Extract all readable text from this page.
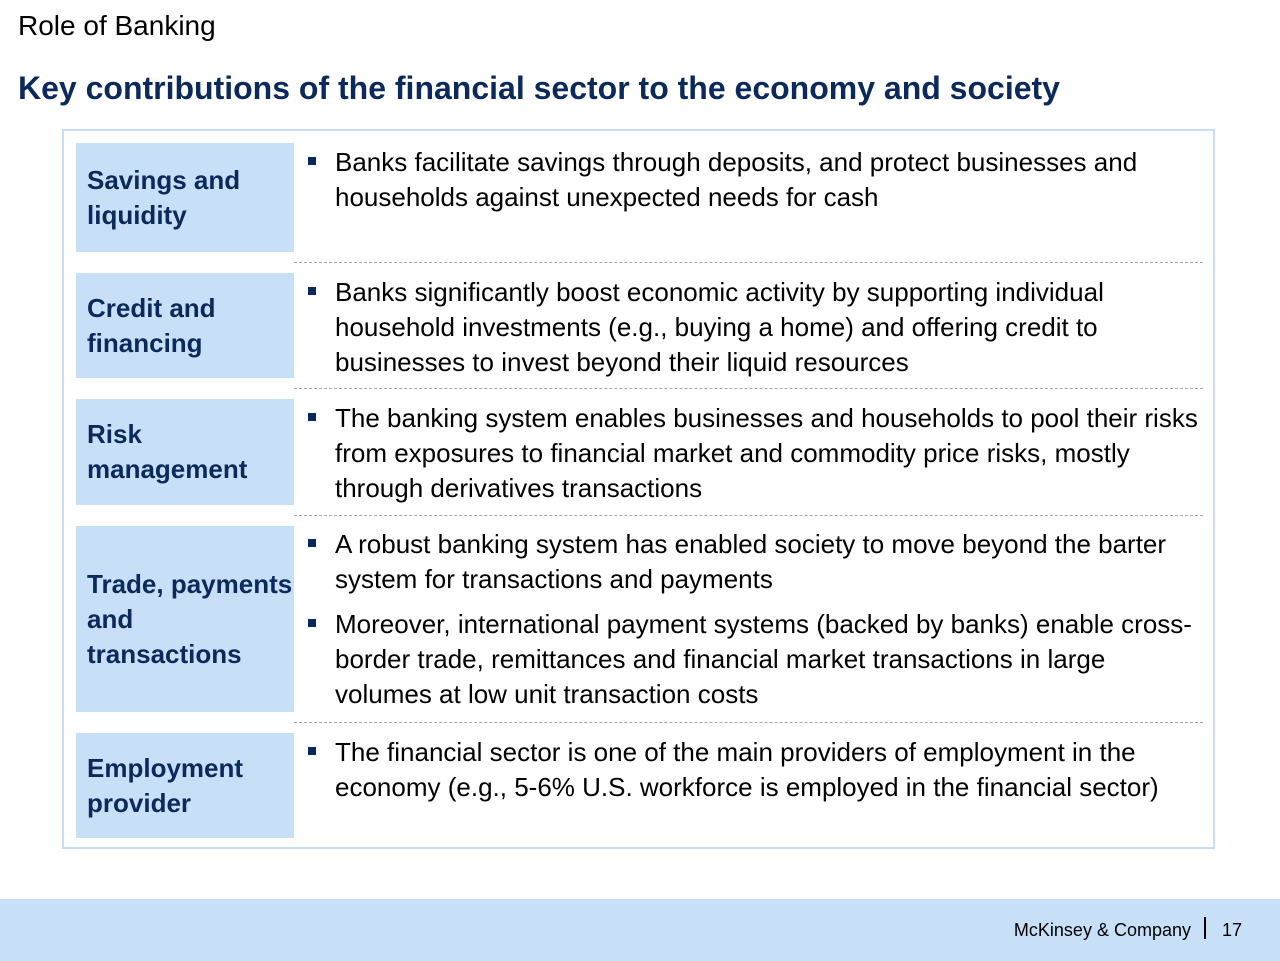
Role of Banking
Key contributions of the financial sector to the economy and society
Savings and liquidity
Banks facilitate savings through deposits, and protect businesses and households against unexpected needs for cash
Credit and financing
Banks significantly boost economic activity by supporting individual household investments (e.g., buying a home) and offering credit to businesses to invest beyond their liquid resources
Risk management
The banking system enables businesses and households to pool their risks from exposures to financial market and commodity price risks, mostly through derivatives transactions
Trade, payments and transactions
A robust banking system has enabled society to move beyond the barter system for transactions and payments
Moreover, international payment systems (backed by banks) enable cross-border trade, remittances and financial market transactions in large volumes at low unit transaction costs
Employment provider
The financial sector is one of the main providers of employment in the economy (e.g., 5-6% U.S. workforce is employed in the financial sector)
McKinsey & Company 17
